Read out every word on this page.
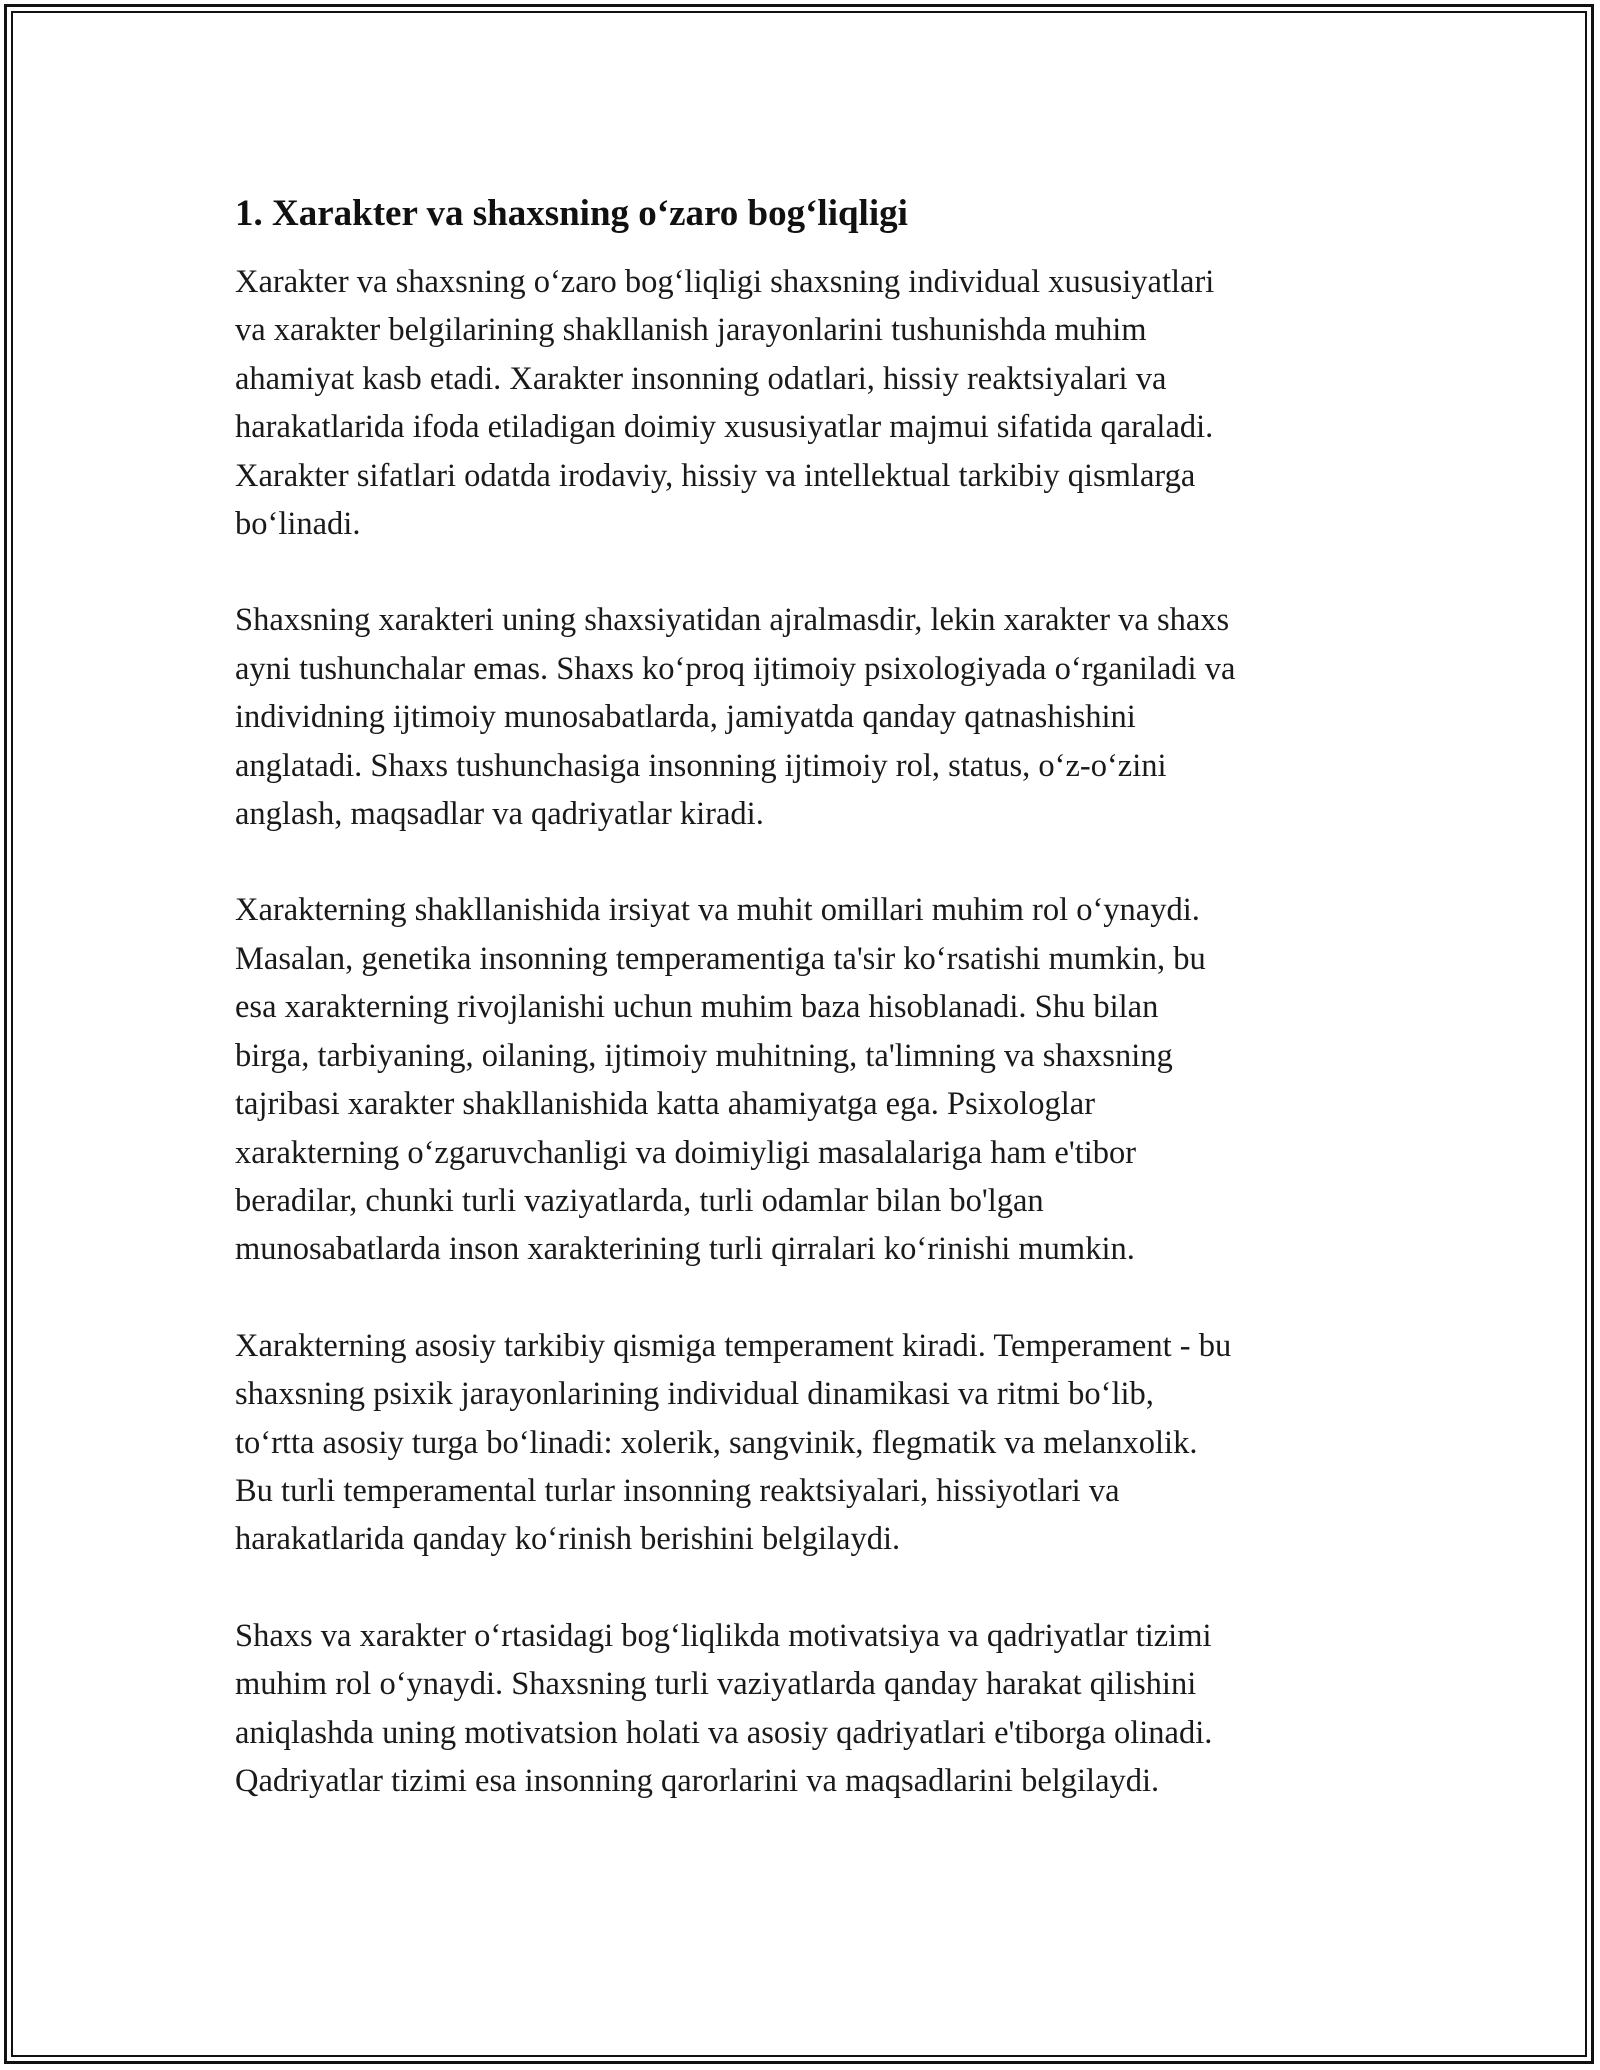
1. Xarakter va shaxsning o‘zaro bog‘liqligi

Xarakter va shaxsning o‘zaro bog‘liqligi shaxsning individual xususiyatlari
va xarakter belgilarining shakllanish jarayonlarini tushunishda muhim
ahamiyat kasb etadi. Xarakter insonning odatlari, hissiy reaktsiyalari va
harakatlarida ifoda etiladigan doimiy xususiyatlar majmui sifatida qaraladi.
Xarakter sifatlari odatda irodaviy, hissiy va intellektual tarkibiy qismlarga
bo‘linadi.

Shaxsning xarakteri uning shaxsiyatidan ajralmasdir, lekin xarakter va shaxs
ayni tushunchalar emas. Shaxs ko‘proq ijtimoiy psixologiyada o‘rganiladi va
individning ijtimoiy munosabatlarda, jamiyatda qanday qatnashishini
anglatadi. Shaxs tushunchasiga insonning ijtimoiy rol, status, o‘z-o‘zini
anglash, maqsadlar va qadriyatlar kiradi.

Xarakterning shakllanishida irsiyat va muhit omillari muhim rol o‘ynaydi.
Masalan, genetika insonning temperamentiga ta'sir ko‘rsatishi mumkin, bu
esa xarakterning rivojlanishi uchun muhim baza hisoblanadi. Shu bilan
birga, tarbiyaning, oilaning, ijtimoiy muhitning, ta'limning va shaxsning
tajribasi xarakter shakllanishida katta ahamiyatga ega. Psixologlar
xarakterning o‘zgaruvchanligi va doimiyligi masalalariga ham e'tibor
beradilar, chunki turli vaziyatlarda, turli odamlar bilan bo'lgan
munosabatlarda inson xarakterining turli qirralari ko‘rinishi mumkin.

Xarakterning asosiy tarkibiy qismiga temperament kiradi. Temperament - bu
shaxsning psixik jarayonlarining individual dinamikasi va ritmi bo‘lib,
to‘rtta asosiy turga bo‘linadi: xolerik, sangvinik, flegmatik va melanxolik.
Bu turli temperamental turlar insonning reaktsiyalari, hissiyotlari va
harakatlarida qanday ko‘rinish berishini belgilaydi.

Shaxs va xarakter o‘rtasidagi bog‘liqlikda motivatsiya va qadriyatlar tizimi
muhim rol o‘ynaydi. Shaxsning turli vaziyatlarda qanday harakat qilishini
aniqlashda uning motivatsion holati va asosiy qadriyatlari e'tiborga olinadi.
Qadriyatlar tizimi esa insonning qarorlarini va maqsadlarini belgilaydi.
